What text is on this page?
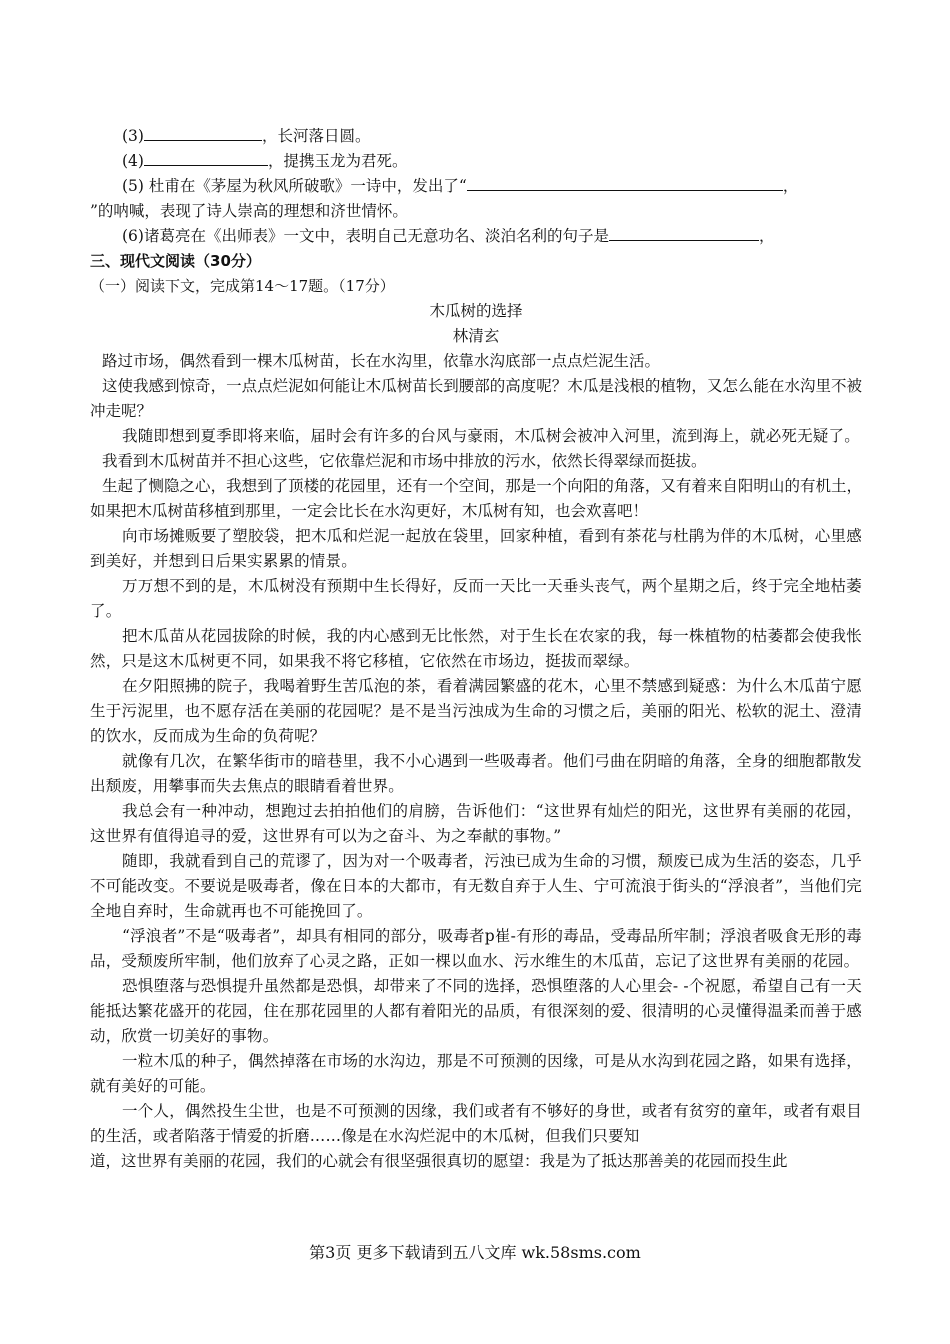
(3)	，长河落日圆。
(4)	，提携玉龙为君死。
(5) 杜甫在《茅屋为秋风所破歌》一诗中，发出了“	，
”的呐喊，表现了诗人崇高的理想和济世情怀。
(6)诸葛亮在《出师表》一文中，表明自己无意功名、淡泊名利的句子是	，
三、现代文阅读（30分）
（一）阅读下文，完成第14～17题。（17分）
木瓜树的选择
林清玄
路过市场，偶然看到一棵木瓜树苗，长在水沟里，依靠水沟底部一点点烂泥生活。
这使我感到惊奇，一点点烂泥如何能让木瓜树苗长到腰部的高度呢？木瓜是浅根的植物，又怎么能在水沟里不被冲走呢？
我随即想到夏季即将来临，届时会有许多的台风与豪雨，木瓜树会被冲入河里，流到海上，就必死无疑了。
我看到木瓜树苗并不担心这些，它依靠烂泥和市场中排放的污水，依然长得翠绿而挺拔。
生起了恻隐之心，我想到了顶楼的花园里，还有一个空间，那是一个向阳的角落，又有着来自阳明山的有机土，如果把木瓜树苗移植到那里，一定会比长在水沟更好，木瓜树有知，也会欢喜吧！
向市场摊贩要了塑胶袋，把木瓜和烂泥一起放在袋里，回家种植，看到有茶花与杜鹃为伴的木瓜树，心里感到美好，并想到日后果实累累的情景。
万万想不到的是，木瓜树没有预期中生长得好，反而一天比一天垂头丧气，两个星期之后，终于完全地枯萎了。
把木瓜苗从花园拔除的时候，我的内心感到无比怅然，对于生长在农家的我，每一株植物的枯萎都会使我怅然，只是这木瓜树更不同，如果我不将它移植，它依然在市场边，挺拔而翠绿。
在夕阳照拂的院子，我喝着野生苦瓜泡的茶，看着满园繁盛的花木，心里不禁感到疑惑：为什么木瓜苗宁愿生于污泥里，也不愿存活在美丽的花园呢？是不是当污浊成为生命的习惯之后，美丽的阳光、松软的泥土、澄清的饮水，反而成为生命的负荷呢？
就像有几次，在繁华街市的暗巷里，我不小心遇到一些吸毒者。他们弓曲在阴暗的角落，全身的细胞都散发出颓废，用攀事而失去焦点的眼睛看着世界。
我总会有一种冲动，想跑过去拍拍他们的肩膀，告诉他们：“这世界有灿烂的阳光，这世界有美丽的花园，这世界有值得追寻的爱，这世界有可以为之奋斗、为之奉献的事物。”
随即，我就看到自己的荒谬了，因为对一个吸毒者，污浊已成为生命的习惯，颓废已成为生活的姿态，几乎不可能改变。不要说是吸毒者，像在日本的大都市，有无数自弃于人生、宁可流浪于街头的“浮浪者”，当他们完全地自弃时，生命就再也不可能挽回了。
“浮浪者”不是“吸毒者”，却具有相同的部分，吸毒者p崔-有形的毒品，受毒品所牢制；浮浪者吸食无形的毒品，受颓废所牢制，他们放弃了心灵之路，正如一棵以血水、污水维生的木瓜苗，忘记了这世界有美丽的花园。
恐惧堕落与恐惧提升虽然都是恐惧，却带来了不同的选择，恐惧堕落的人心里会- -个祝愿，希望自己有一天能抵达繁花盛开的花园，住在那花园里的人都有着阳光的品质，有很深刻的爱、很清明的心灵懂得温柔而善于感动，欣赏一切美好的事物。
一粒木瓜的种子，偶然掉落在市场的水沟边，那是不可预测的因缘，可是从水沟到花园之路，如果有选择，就有美好的可能。
一个人，偶然投生尘世，也是不可预测的因缘，我们或者有不够好的身世，或者有贫穷的童年，或者有艰目的生活，或者陷落于情爱的折磨……像是在水沟烂泥中的木瓜树，但我们只要知
道，这世界有美丽的花园，我们的心就会有很坚强很真切的愿望：我是为了抵达那善美的花园而投生此
第3页 更多下载请到五八文库 wk.58sms.com
